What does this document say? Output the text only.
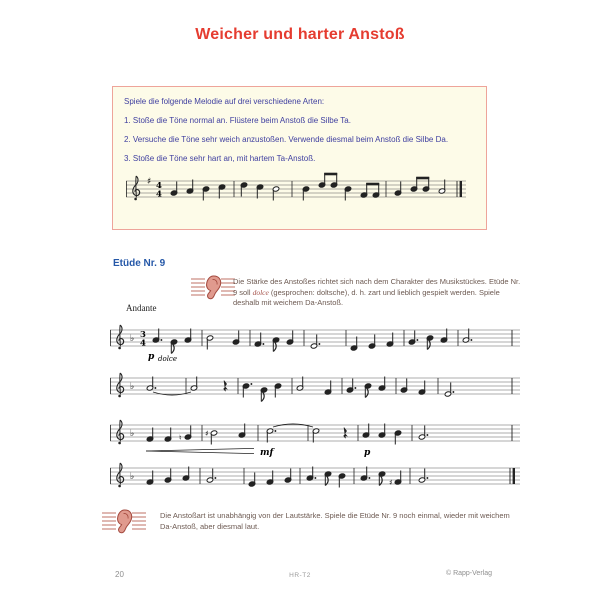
Weicher und harter Anstoß
Spiele die folgende Melodie auf drei verschiedene Arten:
1. Stoße die Töne normal an. Flüstere beim Anstoß die Silbe Ta.
2. Versuche die Töne sehr weich anzustoßen. Verwende diesmal beim Anstoß die Silbe Da.
3. Stoße die Töne sehr hart an, mit hartem Ta-Anstoß.
♯ 4
4
Etüde Nr. 9
Die Stärke des Anstoßes richtet sich nach dem Charakter des Musikstückes. Etüde Nr. 9 soll dolce (gesprochen: doltsche), d. h. zart und lieblich gespielt werden. Spiele deshalb mit weichem Da-Anstoß.
Andante
♭ 3
4
p dolce
♭
♭	♮	♯
mf	p
♭
♯
Die Anstoßart ist unabhängig von der Lautstärke. Spiele die Etüde Nr. 9 noch einmal, wieder mit weichem Da-Anstoß, aber diesmal laut.
20	HR-T2	© Rapp-Verlag
